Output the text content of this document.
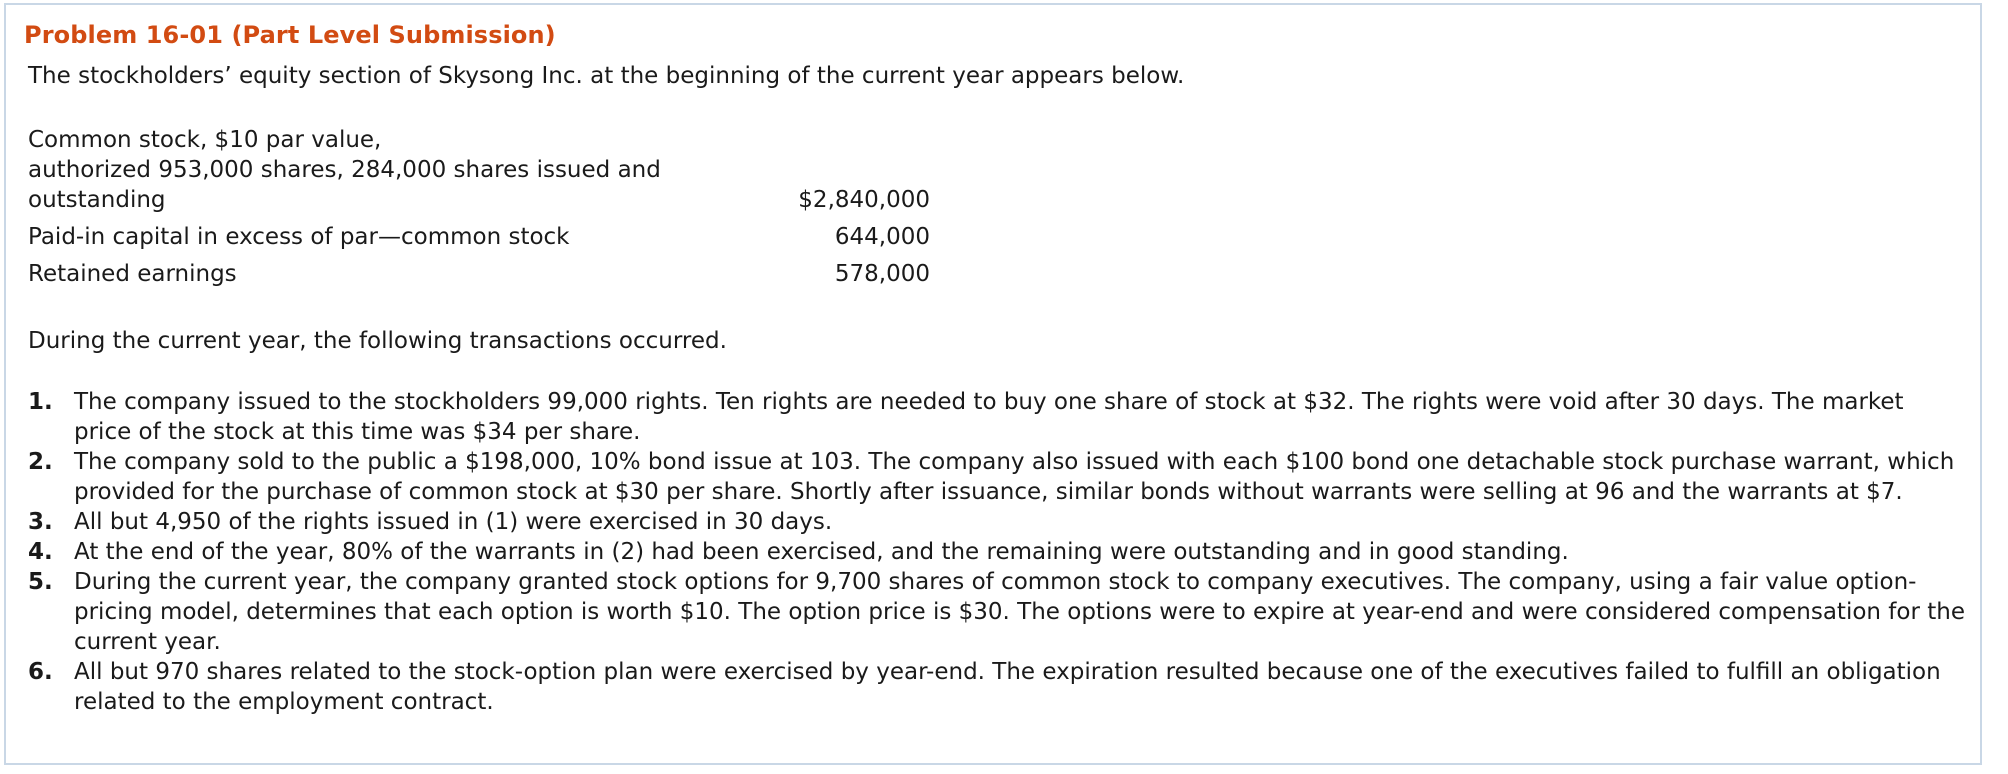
Problem 16-01 (Part Level Submission)
The stockholders’ equity section of Skysong Inc. at the beginning of the current year appears below.
Common stock, $10 par value,
authorized 953,000 shares, 284,000 shares issued and
outstanding	$2,840,000
Paid-in capital in excess of par—common stock	644,000
Retained earnings	578,000
During the current year, the following transactions occurred.
1. The company issued to the stockholders 99,000 rights. Ten rights are needed to buy one share of stock at $32. The rights were void after 30 days. The market price of the stock at this time was $34 per share.
2. The company sold to the public a $198,000, 10% bond issue at 103. The company also issued with each $100 bond one detachable stock purchase warrant, which provided for the purchase of common stock at $30 per share. Shortly after issuance, similar bonds without warrants were selling at 96 and the warrants at $7.
3. All but 4,950 of the rights issued in (1) were exercised in 30 days.
4. At the end of the year, 80% of the warrants in (2) had been exercised, and the remaining were outstanding and in good standing.
5. During the current year, the company granted stock options for 9,700 shares of common stock to company executives. The company, using a fair value option-pricing model, determines that each option is worth $10. The option price is $30. The options were to expire at year-end and were considered compensation for the current year.
6. All but 970 shares related to the stock-option plan were exercised by year-end. The expiration resulted because one of the executives failed to fulfill an obligation related to the employment contract.
